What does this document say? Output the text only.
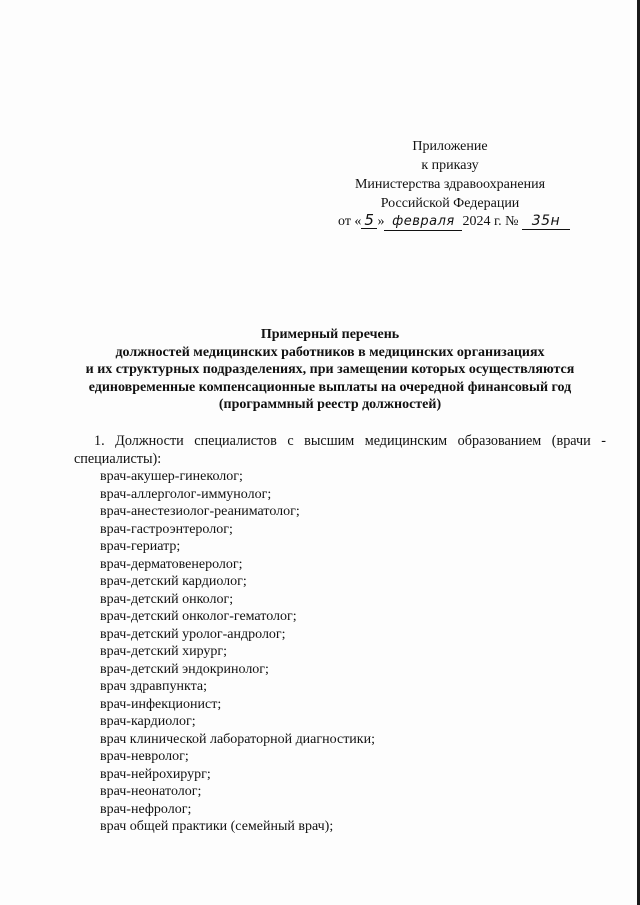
Приложение
к приказу
Министерства здравоохранения
Российской Федерации
от « 5 » февраля 2024 г. № 35н
Примерный перечень
должностей медицинских работников в медицинских организациях
и их структурных подразделениях, при замещении которых осуществляются
единовременные компенсационные выплаты на очередной финансовый год
(программный реестр должностей)

1. Должности специалистов с высшим медицинским образованием (врачи - специалисты):

врач-акушер-гинеколог;
врач-аллерголог-иммунолог;
врач-анестезиолог-реаниматолог;
врач-гастроэнтеролог;
врач-гериатр;
врач-дерматовенеролог;
врач-детский кардиолог;
врач-детский онколог;
врач-детский онколог-гематолог;
врач-детский уролог-андролог;
врач-детский хирург;
врач-детский эндокринолог;
врач здравпункта;
врач-инфекционист;
врач-кардиолог;
врач клинической лабораторной диагностики;
врач-невролог;
врач-нейрохирург;
врач-неонатолог;
врач-нефролог;
врач общей практики (семейный врач);
